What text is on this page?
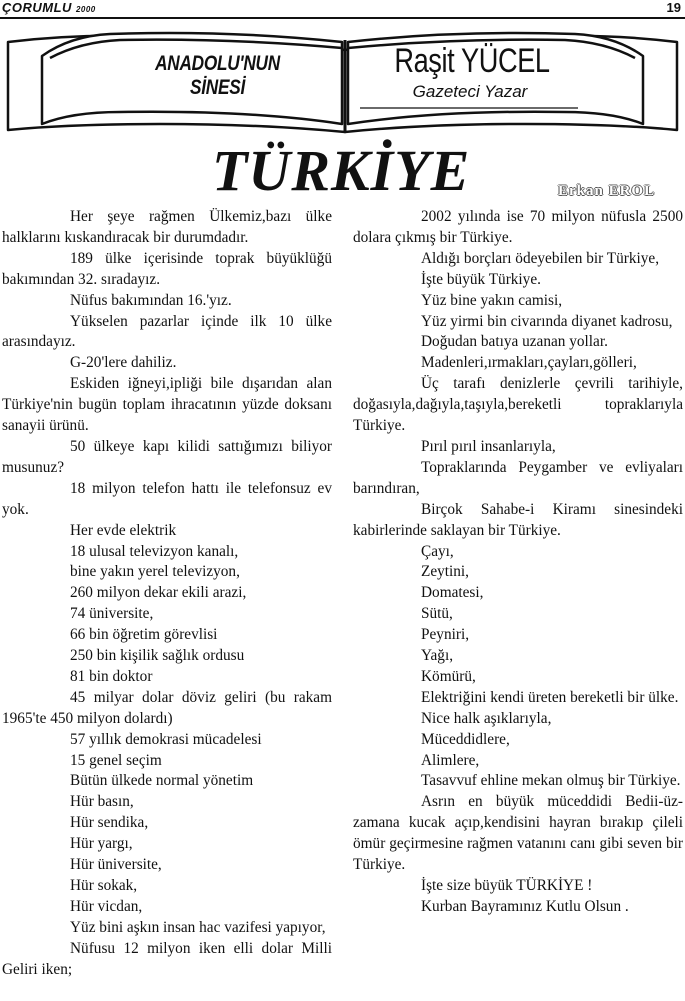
ÇORUMLU 2000	19
ANADOLU'NUN SİNESİ
Raşit YÜCEL
Gazeteci Yazar
TÜRKİYE	Erkan EROL

Her şeye rağmen Ülkemiz,bazı ülke halklarını kıskandıracak bir durumdadır.

189 ülke içerisinde toprak büyüklüğü bakımından 32. sıradayız.

Nüfus bakımından 16.'yız.

Yükselen pazarlar içinde ilk 10 ülke arasındayız.

G-20'lere dahiliz.

Eskiden iğneyi,ipliği bile dışarıdan alan Türkiye'nin bugün toplam ihracatının yüzde doksanı sanayii ürünü.

50 ülkeye kapı kilidi sattığımızı biliyor musunuz?

18 milyon telefon hattı ile telefonsuz ev yok.

Her evde elektrik

18 ulusal televizyon kanalı,

bine yakın yerel televizyon,

260 milyon dekar ekili arazi,

74 üniversite,

66 bin öğretim görevlisi

250 bin kişilik sağlık ordusu

81 bin doktor

45 milyar dolar döviz geliri (bu rakam 1965'te 450 milyon dolardı)

57 yıllık demokrasi mücadelesi

15 genel seçim

Bütün ülkede normal yönetim

Hür basın,

Hür sendika,

Hür yargı,

Hür üniversite,

Hür sokak,

Hür vicdan,

Yüz bini aşkın insan hac vazifesi yapıyor,

Nüfusu 12 milyon iken elli dolar Milli Geliri iken;

2002 yılında ise 70 milyon nüfusla 2500 dolara çıkmış bir Türkiye.

Aldığı borçları ödeyebilen bir Türkiye,

İşte büyük Türkiye.

Yüz bine yakın camisi,

Yüz yirmi bin civarında diyanet kadrosu,

Doğudan batıya uzanan yollar.

Madenleri,ırmakları,çayları,gölleri,

Üç tarafı denizlerle çevrili tarihiyle, doğasıyla,dağıyla,taşıyla,bereketli topraklarıyla Türkiye.

Pırıl pırıl insanlarıyla,

Topraklarında Peygamber ve evliyaları barındıran,

Birçok Sahabe-i Kiramı sinesindeki kabirlerinde saklayan bir Türkiye.

Çayı,

Zeytini,

Domatesi,

Sütü,

Peyniri,

Yağı,

Kömürü,

Elektriğini kendi üreten bereketli bir ülke.

Nice halk aşıklarıyla,

Müceddidlere,

Alimlere,

Tasavvuf ehline mekan olmuş bir Türkiye.

Asrın en büyük müceddidi Bedii-üz-zamana kucak açıp,kendisini hayran bırakıp çileli ömür geçirmesine rağmen vatanını canı gibi seven bir Türkiye.

İşte size büyük TÜRKİYE !

Kurban Bayramınız Kutlu Olsun .
